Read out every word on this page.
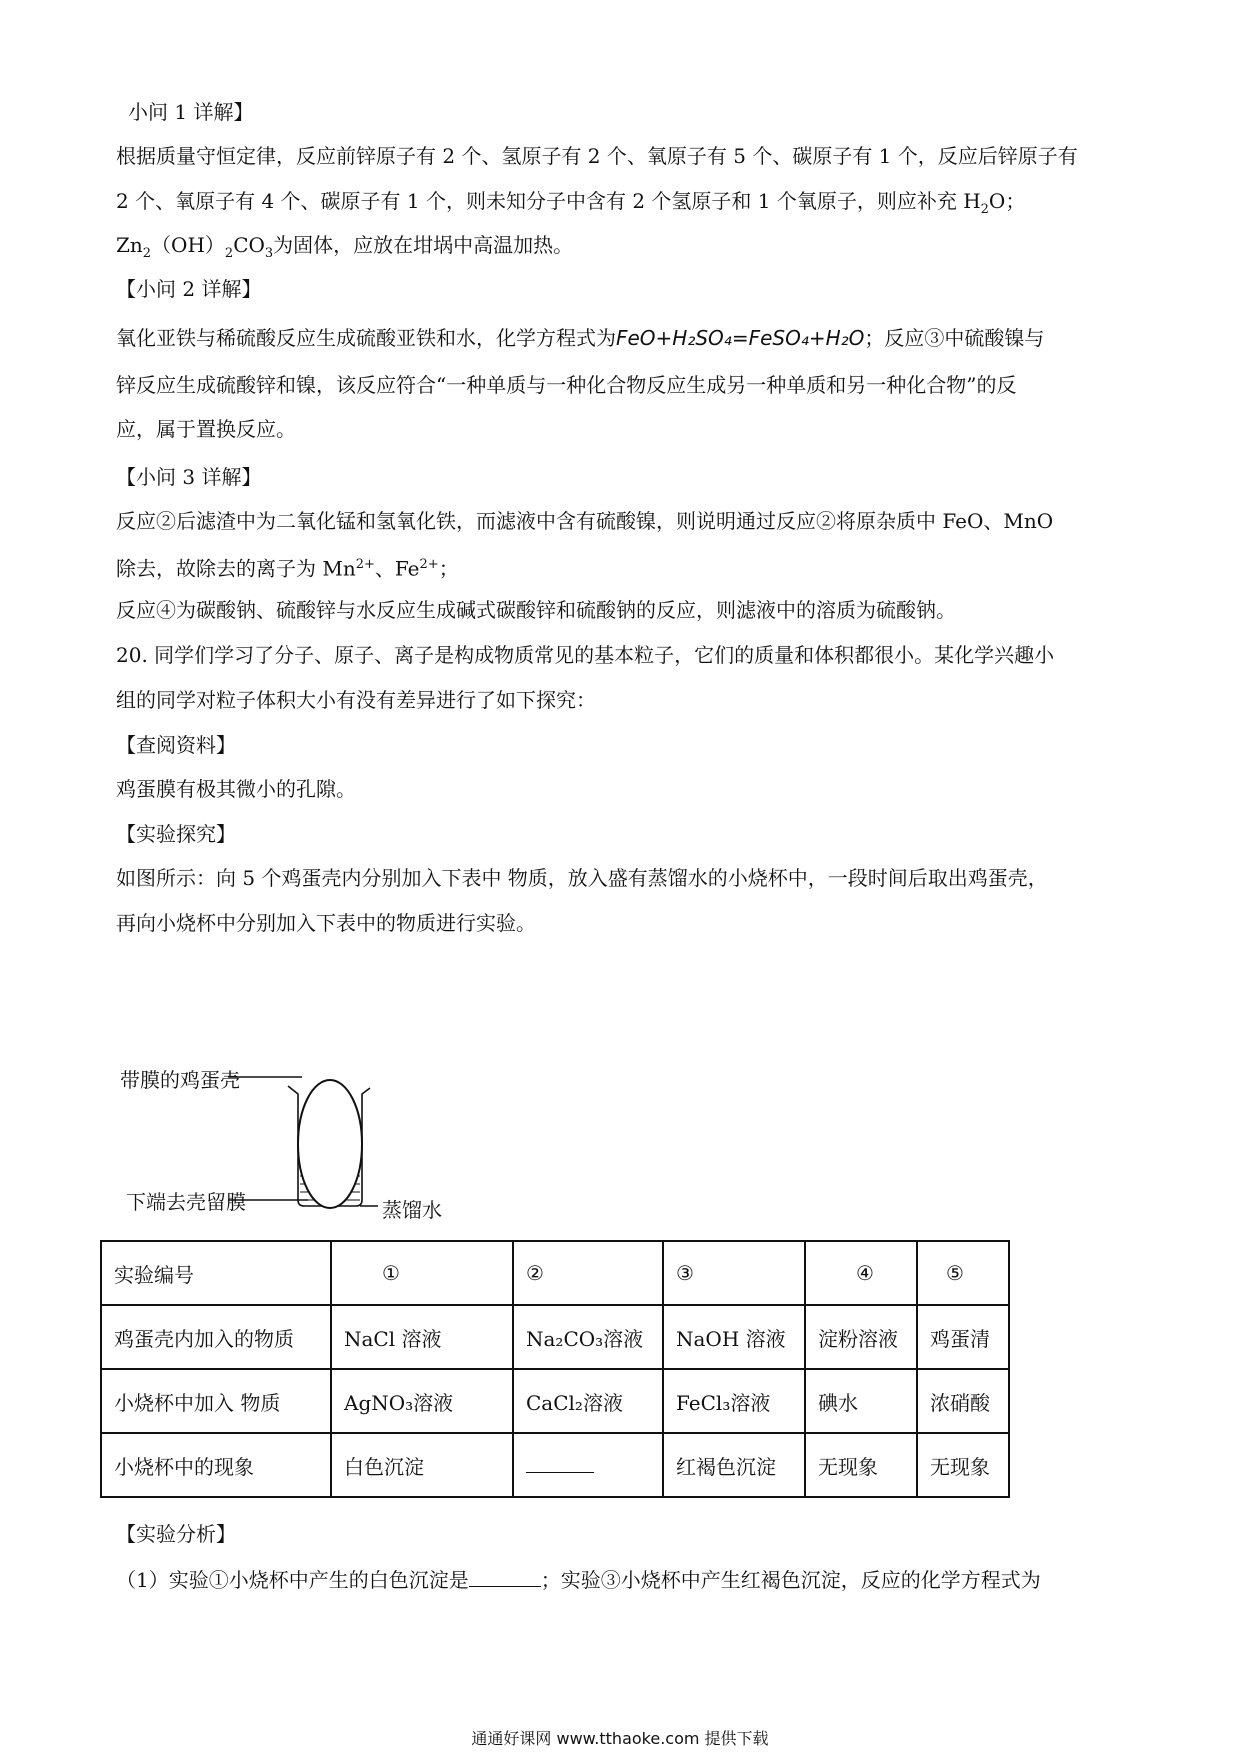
小问 1 详解】
根据质量守恒定律，反应前锌原子有 2 个、氢原子有 2 个、氧原子有 5 个、碳原子有 1 个，反应后锌原子有
2 个、氧原子有 4 个、碳原子有 1 个，则未知分子中含有 2 个氢原子和 1 个氧原子，则应补充 $H_2O$；
$Zn_2(OH)_2CO_3$为固体，应放在坩埚中高温加热。
【小问 2 详解】
氧化亚铁与稀硫酸反应生成硫酸亚铁和水，化学方程式为FeO+H₂SO₄=FeSO₄+H₂O；反应③中硫酸镍与
锌反应生成硫酸锌和镍，该反应符合“一种单质与一种化合物反应生成另一种单质和另一种化合物”的反
应，属于置换反应。
【小问 3 详解】
反应②后滤渣中为二氧化锰和氢氧化铁，而滤液中含有硫酸镍，则说明通过反应②将原杂质中 FeO、MnO
除去，故除去的离子为 $Mn^{2+}$、$Fe^{2+}$；
反应④为碳酸钠、硫酸锌与水反应生成碱式碳酸锌和硫酸钠的反应，则滤液中的溶质为硫酸钠。
20. 同学们学习了分子、原子、离子是构成物质常见的基本粒子，它们的质量和体积都很小。某化学兴趣小
组的同学对粒子体积大小有没有差异进行了如下探究：
【查阅资料】
鸡蛋膜有极其微小的孔隙。
【实验探究】
如图所示：向 5 个鸡蛋壳内分别加入下表中 物质，放入盛有蒸馏水的小烧杯中，一段时间后取出鸡蛋壳，
再向小烧杯中分别加入下表中的物质进行实验。
带膜的鸡蛋壳
下端去壳留膜	蒸馏水
实验编号	①	②	③	④	⑤
鸡蛋壳内加入的物质	NaCl 溶液	Na₂CO₃溶液	NaOH 溶液	淀粉溶液	鸡蛋清
小烧杯中加入 物质	AgNO₃溶液	CaCl₂溶液	FeCl₃溶液	碘水	浓硝酸
小烧杯中的现象	白色沉淀		红褐色沉淀	无现象	无现象
【实验分析】
（1）实验①小烧杯中产生的白色沉淀是	；实验③小烧杯中产生红褐色沉淀，反应的化学方程式为
通通好课网 www.tthaoke.com 提供下载
